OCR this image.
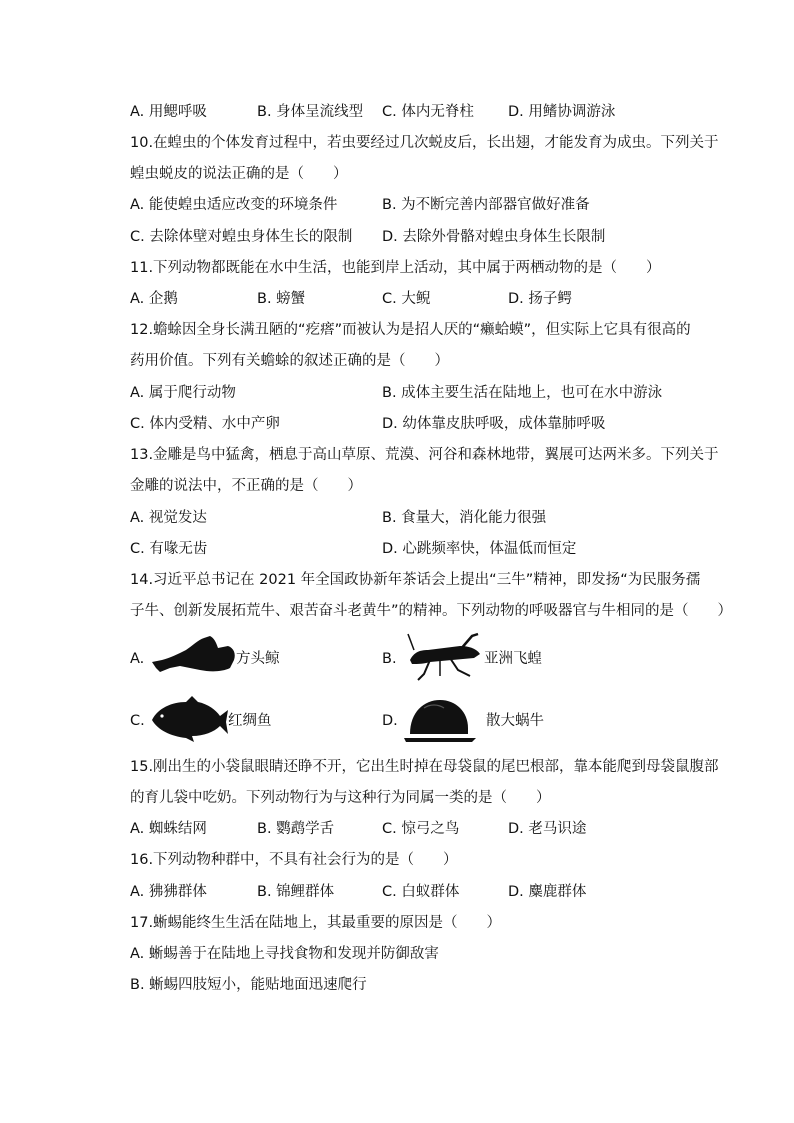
A. 用鳃呼吸	B. 身体呈流线型 C. 体内无脊柱 D. 用鳍协调游泳
10.在蝗虫的个体发育过程中，若虫要经过几次蜕皮后，长出翅，才能发育为成虫。下列关于
蝗虫蜕皮的说法正确的是（　　）
A. 能使蝗虫适应改变的环境条件	B. 为不断完善内部器官做好准备
C. 去除体壁对蝗虫身体生长的限制 D. 去除外骨骼对蝗虫身体生长限制
11.下列动物都既能在水中生活，也能到岸上活动，其中属于两栖动物的是（　　）
A. 企鹅	B. 螃蟹	C. 大鲵	D. 扬子鳄
12.蟾蜍因全身长满丑陋的“疙瘩”而被认为是招人厌的“癞蛤蟆”，但实际上它具有很高的
药用价值。下列有关蟾蜍的叙述正确的是（　　）
A. 属于爬行动物	B. 成体主要生活在陆地上，也可在水中游泳
C. 体内受精、水中产卵	D. 幼体靠皮肤呼吸，成体靠肺呼吸
13.金雕是鸟中猛禽，栖息于高山草原、荒漠、河谷和森林地带，翼展可达两米多。下列关于
金雕的说法中，不正确的是（　　）
A. 视觉发达	B. 食量大，消化能力很强
C. 有喙无齿	D. 心跳频率快，体温低而恒定
14.习近平总书记在 2021 年全国政协新年茶话会上提出“三牛”精神，即发扬“为民服务孺
子牛、创新发展拓荒牛、艰苦奋斗老黄牛”的精神。下列动物的呼吸器官与牛相同的是（　　）
A.	方头鲸	B.	亚洲飞蝗
C.	红绸鱼	D.	散大蜗牛
15.刚出生的小袋鼠眼睛还睁不开，它出生时掉在母袋鼠的尾巴根部，靠本能爬到母袋鼠腹部
的育儿袋中吃奶。下列动物行为与这种行为同属一类的是（　　）
A. 蜘蛛结网	B. 鹦鹉学舌	C. 惊弓之鸟	D. 老马识途
16.下列动物种群中，不具有社会行为的是（　　）
A. 狒狒群体	B. 锦鲤群体	C. 白蚁群体	D. 麋鹿群体
17.蜥蜴能终生生活在陆地上，其最重要的原因是（　　）
A. 蜥蜴善于在陆地上寻找食物和发现并防御敌害
B. 蜥蜴四肢短小，能贴地面迅速爬行
